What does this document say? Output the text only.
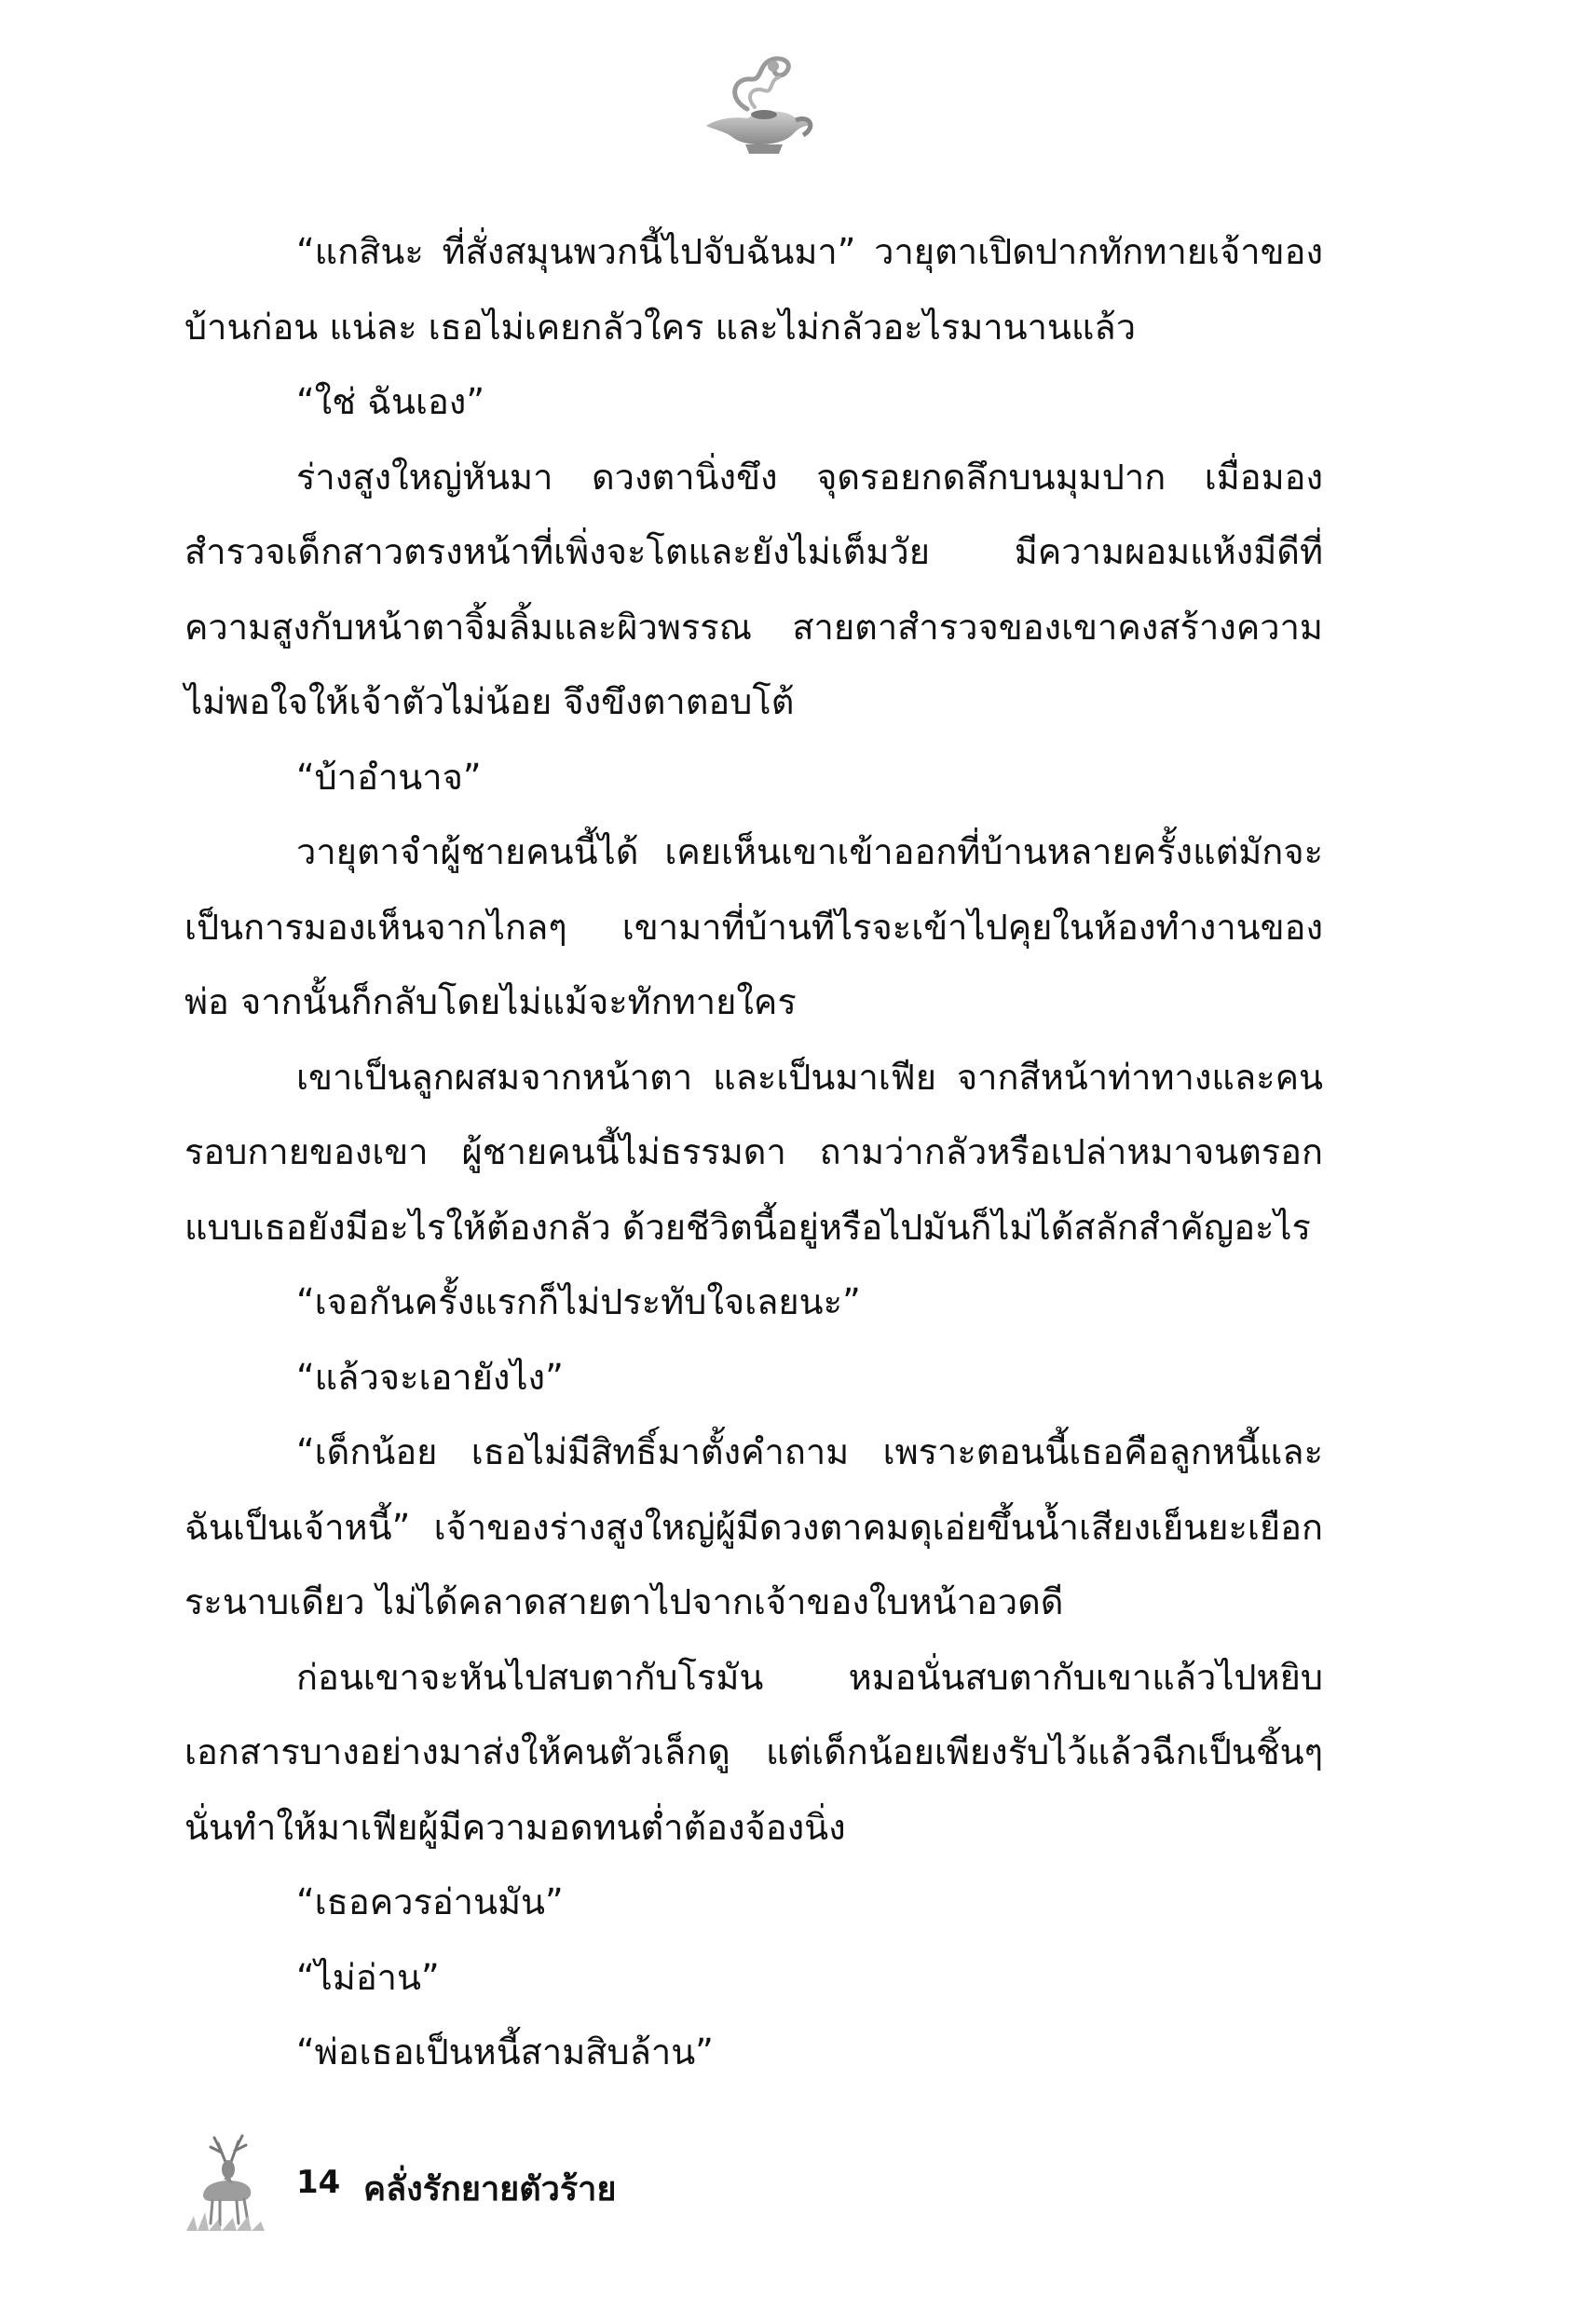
“แกสินะ ที่สั่งสมุนพวกนี้ไปจับฉันมา” วายุตาเปิดปากทักทายเจ้าของบ้านก่อน แน่ละ เธอไม่เคยกลัวใคร และไม่กลัวอะไรมานานแล้ว

“ใช่ ฉันเอง”

ร่างสูงใหญ่หันมา ดวงตานิ่งขึง จุดรอยกดลึกบนมุมปาก เมื่อมองสำรวจเด็กสาวตรงหน้าที่เพิ่งจะโตและยังไม่เต็มวัย มีความผอมแห้งมีดีที่ความสูงกับหน้าตาจิ้มลิ้มและผิวพรรณ สายตาสำรวจของเขาคงสร้างความไม่พอใจให้เจ้าตัวไม่น้อย จึงขึงตาตอบโต้

“บ้าอำนาจ”

วายุตาจำผู้ชายคนนี้ได้ เคยเห็นเขาเข้าออกที่บ้านหลายครั้งแต่มักจะเป็นการมองเห็นจากไกลๆ เขามาที่บ้านทีไรจะเข้าไปคุยในห้องทำงานของพ่อ จากนั้นก็กลับโดยไม่แม้จะทักทายใคร

เขาเป็นลูกผสมจากหน้าตา และเป็นมาเฟีย จากสีหน้าท่าทางและคนรอบกายของเขา ผู้ชายคนนี้ไม่ธรรมดา ถามว่ากลัวหรือเปล่าหมาจนตรอกแบบเธอยังมีอะไรให้ต้องกลัว ด้วยชีวิตนี้อยู่หรือไปมันก็ไม่ได้สลักสำคัญอะไร

“เจอกันครั้งแรกก็ไม่ประทับใจเลยนะ”

“แล้วจะเอายังไง”

“เด็กน้อย เธอไม่มีสิทธิ์มาตั้งคำถาม เพราะตอนนี้เธอคือลูกหนี้และฉันเป็นเจ้าหนี้” เจ้าของร่างสูงใหญ่ผู้มีดวงตาคมดุเอ่ยขึ้นน้ำเสียงเย็นยะเยือกระนาบเดียว ไม่ได้คลาดสายตาไปจากเจ้าของใบหน้าอวดดี

ก่อนเขาจะหันไปสบตากับโรมัน หมอนั่นสบตากับเขาแล้วไปหยิบเอกสารบางอย่างมาส่งให้คนตัวเล็กดู แต่เด็กน้อยเพียงรับไว้แล้วฉีกเป็นชิ้นๆ นั่นทำให้มาเฟียผู้มีความอดทนต่ำต้องจ้องนิ่ง

“เธอควรอ่านมัน”

“ไม่อ่าน”

“พ่อเธอเป็นหนี้สามสิบล้าน”

14 คลั่งรักยายตัวร้าย
